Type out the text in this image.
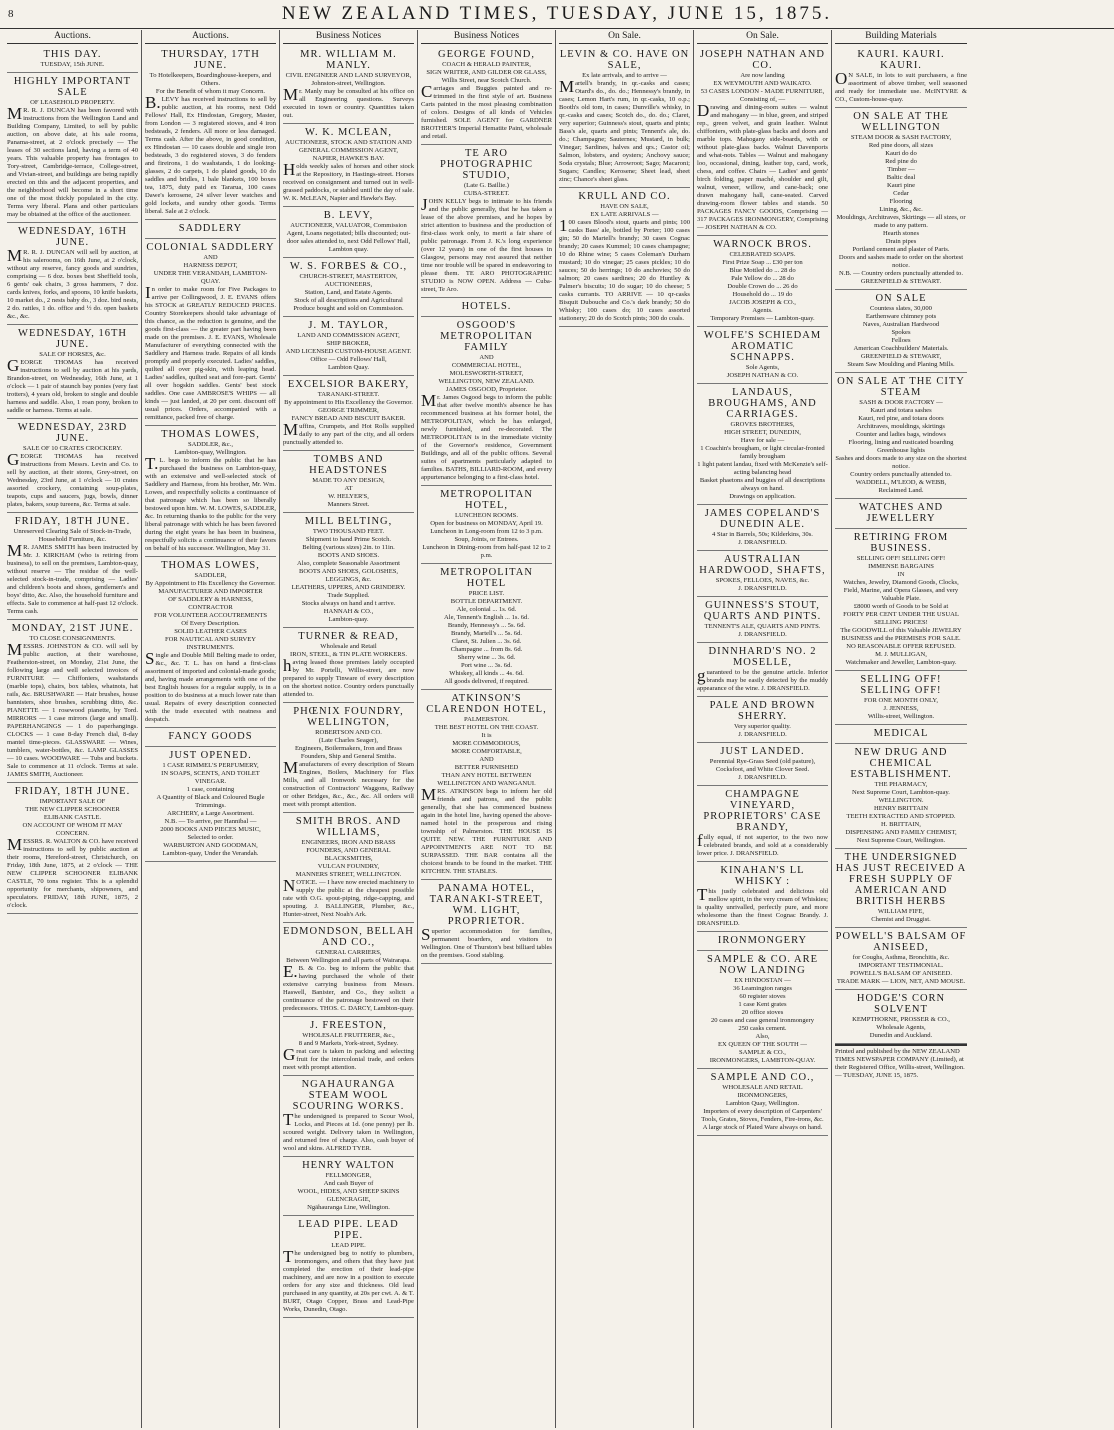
8	NEW ZEALAND TIMES, TUESDAY, JUNE 15, 1875.
Auctions.
THIS DAY.
TUESDAY, 15th JUNE.
HIGHLY IMPORTANT SALE
OF LEASEHOLD PROPERTY.
MR. R. J. DUNCAN has been favored with instructions from the Wellington Land and Building Company, Limited, to sell by public auction, on above date, at his sale rooms, Panama-street, at 2 o'clock precisely — The leases of 30 sections land, having a term of 40 years. This valuable property has frontages to Tory-street, Cambridge-terrace, College-street, and Vivian-street, and buildings are being rapidly erected on this and the adjacent properties, and the neighborhood will become in a short time one of the most thickly populated in the city. Terms very liberal. Plans and other particulars may be obtained at the office of the auctioneer.
WEDNESDAY, 16TH JUNE.
MR. R. J. DUNCAN will sell by auction, at his salerooms, on 16th June, at 2 o'clock, without any reserve, fancy goods and sundries, comprising — 6 doz. boxes best Sheffield tools, 6 gents' oak chairs, 3 gross hammers, 7 doz. cards knives, forks, and spoons, 10 knife baskets, 10 market do., 2 nests baby do., 3 doz. bird nests, 2 do. rattles, 1 do. office and ½ do. open baskets &c., &c.
WEDNESDAY, 16TH JUNE.
SALE OF HORSES, &c.
GEORGE THOMAS has received instructions to sell by auction at his yards, Brandon-street, on Wednesday, 16th June, at 1 o'clock — 1 pair of staunch bay ponies (very fast trotters), 4 years old, broken to single and double harness and saddle. Also, 1 roan pony, broken to saddle or harness. Terms at sale.
WEDNESDAY, 23RD JUNE.
SALE OF 10 CRATES CROCKERY.
GEORGE THOMAS has received instructions from Messrs. Levin and Co. to sell by auction, at their stores, Grey-street, on Wednesday, 23rd June, at 1 o'clock — 10 crates assorted crockery, containing soup-plates, teapots, cups and saucers, jugs, bowls, dinner plates, bakers, soup tureens, &c. Terms at sale.
FRIDAY, 18TH JUNE.
Unreserved Clearing Sale of Stock-in-Trade, Household Furniture, &c.
MR. JAMES SMITH has been instructed by Mr. J. KIRKHAM (who is retiring from business), to sell on the premises, Lambton-quay, without reserve — The residue of the well-selected stock-in-trade, comprising — Ladies' and children's boots and shoes, gentlemen's and boys' ditto, &c. Also, the household furniture and effects. Sale to commence at half-past 12 o'clock. Terms cash.
MONDAY, 21ST JUNE.
TO CLOSE CONSIGNMENTS.
MESSRS. JOHNSTON & CO. will sell by public auction, at their warehouse, Featherston-street, on Monday, 21st June, the following large and well selected invoices of FURNITURE — Chiffoniers, washstands (marble tops), chairs, box tables, whatnots, hat rails, &c. BRUSHWARE — Hair brushes, house bannisters, shoe brushes, scrubbing ditto, &c. PIANETTE — 1 rosewood pianette, by Tord. MIRRORS — 1 case mirrors (large and small). PAPERHANGINGS — 1 do paperhangings. CLOCKS — 1 case 8-day French dial, 8-day mantel time-pieces. GLASSWARE — Wines, tumblers, water-bottles, &c. LAMP GLASSES — 10 cases. WOODWARE — Tubs and buckets. Sale to commence at 11 o'clock. Terms at sale. JAMES SMITH, Auctioneer.
FRIDAY, 18TH JUNE.
IMPORTANT SALE OF
THE NEW CLIPPER SCHOONER
ELIBANK CASTLE.
ON ACCOUNT OF WHOM IT MAY CONCERN.
MESSRS. R. WALTON & CO. have received instructions to sell by public auction at their rooms, Hereford-street, Christchurch, on Friday, 18th June, 1875, at 2 o'clock — THE NEW CLIPPER SCHOONER ELIBANK CASTLE, 70 tons register. This is a splendid opportunity for merchants, shipowners, and speculators. FRIDAY, 18th JUNE, 1875, 2 o'clock.
Auctions.
THURSDAY, 17TH JUNE.
To Hotelkeepers, Boardinghouse-keepers, and Others.
For the Benefit of whom it may Concern.
B.LEVY has received instructions to sell by public auction, at his rooms, next Odd Fellows' Hall, Ex Hindostan, Gregory, Master, from London — 3 registered stoves, and 4 iron bedsteads, 2 fenders. All more or less damaged. Terms cash. After the above, in good condition, ex Hindostan — 10 cases double and single iron bedsteads, 3 do registered stoves, 3 do fenders and fireirons, 1 do washstands, 1 do looking-glasses, 2 do carpets, 1 do plated goods, 10 do saddles and bridles, 1 bale blankets, 100 boxes tea, 1875, duty paid ex Tararua, 100 cases Dawe's kerosene, 24 silver lever watches and gold lockets, and sundry other goods. Terms liberal. Sale at 2 o'clock.
SADDLERY
COLONIAL SADDLERY
AND
HARNESS DEPOT,
UNDER THE VERANDAH, LAMBTON-QUAY.
In order to make room for Five Packages to arrive per Collingwood, J. E. EVANS offers his STOCK at GREATLY REDUCED PRICES. Country Storekeepers should take advantage of this chance, as the reduction is genuine, and the goods first-class — the greater part having been made on the premises. J. E. EVANS, Wholesale Manufacturer of everything connected with the Saddlery and Harness trade. Repairs of all kinds promptly and properly executed. Ladies' saddles, quilted all over pig-skin, with leaping head. Ladies' saddles, quilted seat and fore-part. Gents' all over hogskin saddles. Gents' best stock saddles. One case AMBROSE'S WHIPS — all kinds — just landed, at 20 per cent. discount off usual prices. Orders, accompanied with a remittance, packed free of charge.
THOMAS LOWES,
SADDLER, &c.,
Lambton-quay, Wellington.
T.L. begs to inform the public that he has purchased the business on Lambton-quay, with an extensive and well-selected stock of Saddlery and Harness, from his brother, Mr. Wm. Lowes, and respectfully solicits a continuance of that patronage which has been so liberally bestowed upon him. W. M. LOWES, SADDLER, &c. In returning thanks to the public for the very liberal patronage with which he has been favored during the eight years he has been in business, respectfully solicits a continuance of their favors on behalf of his successor. Wellington, May 31.
THOMAS LOWES,
SADDLER,
By Appointment to His Excellency the Governor.
MANUFACTURER AND IMPORTER
OF SADDLERY & HARNESS,
CONTRACTOR
FOR VOLUNTEER ACCOUTREMENTS
Of Every Description.
SOLID LEATHER CASES
FOR NAUTICAL AND SURVEY
INSTRUMENTS.
Single and Double Mill Belting made to order, &c., &c. T. L. has on hand a first-class assortment of imported and colonial-made goods; and, having made arrangements with one of the best English houses for a regular supply, is in a position to do business at a much lower rate than usual. Repairs of every description connected with the trade executed with neatness and despatch.
FANCY GOODS
JUST OPENED.
1 CASE RIMMEL'S PERFUMERY,
IN SOAPS, SCENTS, AND TOILET VINEGAR.
1 case, containing
A Quantity of Black and Coloured Bugle Trimmings.
ARCHERY, a Large Assortment.
N.B. — To arrive, per Hannibal —
2000 BOOKS AND PIECES MUSIC,
Selected to order.
WARBURTON AND GOODMAN,
Lambton-quay, Under the Verandah.
Business Notices
MR. WILLIAM M. MANLY.
CIVIL ENGINEER AND LAND SURVEYOR,
Johnston-street, Wellington.
Mr. Manly may be consulted at his office on all Engineering questions. Surveys executed in town or country. Quantities taken out.
W. K. MCLEAN,
AUCTIONEER, STOCK AND STATION AND GENERAL COMMISSION AGENT,
NAPIER, HAWKE'S BAY.
Holds weekly sales of horses and other stock at the Repository, in Hastings-street. Horses received on consignment and turned out in well-grassed paddocks, or stabled until the day of sale. W. K. McLEAN, Napier and Hawke's Bay.
B. LEVY,
AUCTIONEER, VALUATOR, Commission Agent, Loans negotiated; bills discounted; out-door sales attended to, next Odd Fellows' Hall, Lambton quay.
W. S. FORBES & CO.,
CHURCH-STREET, MASTERTON,
AUCTIONEERS,
Station, Land, and Estate Agents.
Stock of all descriptions and Agricultural Produce bought and sold on Commission.
J. M. TAYLOR,
LAND AND COMMISSION AGENT,
SHIP BROKER,
AND LICENSED CUSTOM-HOUSE AGENT.
Office — Odd Fellows' Hall,
Lambton Quay.
EXCELSIOR BAKERY,
TARANAKI-STREET.
By appointment to His Excellency the Governor.
GEORGE TRIMMER,
FANCY BREAD AND BISCUIT BAKER.
Muffins, Crumpets, and Hot Rolls supplied daily to any part of the city, and all orders punctually attended to.
TOMBS AND HEADSTONES
MADE TO ANY DESIGN,
AT
W. HELYER'S,
Manners Street.
MILL BELTING,
TWO THOUSAND FEET.
Shipment to hand Prime Scotch.
Belting (various sizes) 2in. to 11in.
BOOTS AND SHOES.
Also, complete Seasonable Assortment
BOOTS AND SHOES, GOLOSHES, LEGGINGS, &c.
LEATHERS, UPPERS, AND GRINDERY.
Trade Supplied.
Stocks always on hand and t arrive.
HANNAH & CO.,
Lambton-quay.
TURNER & READ,
Wholesale and Retail
IRON, STEEL, & TIN PLATE WORKERS.
having leased those premises lately occupied by Mr. Portelli, Willis-street, are now prepared to supply Tinware of every description on the shortest notice. Country orders punctually attended to.
PHŒNIX FOUNDRY, WELLINGTON,
ROBERTSON AND CO.
(Late Charles Seager),
Engineers, Boilermakers, Iron and Brass Founders, Ship and General Smiths.
Manufacturers of every description of Steam Engines, Boilers, Machinery for Flax Mills, and all Ironwork necessary for the construction of Contractors' Waggons, Railway or other Bridges, &c., &c., &c. All orders will meet with prompt attention.
SMITH BROS. AND WILLIAMS,
ENGINEERS, IRON AND BRASS FOUNDERS, AND GENERAL BLACKSMITHS,
VULCAN FOUNDRY,
MANNERS STREET, WELLINGTON.
NOTICE. — I have now erected machinery to supply the public at the cheapest possible rate with O.G. spout-piping, ridge-capping, and spouting. J. BALLINGER, Plumber, &c., Hunter-street, Next Noah's Ark.
EDMONDSON, BELLAH AND CO.,
GENERAL CARRIERS,
Between Wellington and all parts of Wairarapa.
E.B. & Co. beg to inform the public that having purchased the whole of their extensive carrying business from Messrs. Haswell, Banister, and Co., they solicit a continuance of the patronage bestowed on their predecessors. THOS. C. DARCY, Lambton-quay.
J. FREESTON,
WHOLESALE FRUITERER, &c.,
8 and 9 Markets, York-street, Sydney.
Great care is taken in packing and selecting fruit for the intercolonial trade, and orders meet with prompt attention.
NGAHAURANGA STEAM WOOL SCOURING WORKS.
The undersigned is prepared to Scour Wool, Locks, and Pieces at 1d. (one penny) per lb. scoured weight. Delivery taken in Wellington, and returned free of charge. Also, cash buyer of wool and skins. ALFRED TYER.
HENRY WALTON
FELLMONGER,
And cash Buyer of
WOOL, HIDES, AND SHEEP SKINS
GLENCRAGIE,
Ngāhauranga Line, Wellington.
LEAD PIPE. LEAD PIPE.
LEAD PIPE.
The undersigned beg to notify to plumbers, ironmongers, and others that they have just completed the erection of their lead-pipe machinery, and are now in a position to execute orders for any size and thickness. Old lead purchased in any quantity, at 20s per cwt. A. & T. BURT, Otago Copper, Brass and Lead-Pipe Works, Dunedin, Otago.
Business Notices
GEORGE FOUND,
COACH & HERALD PAINTER,
SIGN WRITER, AND GILDER OR GLASS,
Willis Street, near Scotch Church.
Carriages and Buggies painted and re-trimmed in the first style of art. Business Carts painted in the most pleasing combination of colors. Designs of all kinds of Vehicles furnished. SOLE AGENT for GARDNER BROTHER'S Imperial Hematite Paint, wholesale and retail.
TE ARO PHOTOGRAPHIC STUDIO,
(Late G. Baillie.)
CUBA-STREET.
JOHN KELLY begs to intimate to his friends and the public generally, that he has taken a lease of the above premises, and he hopes by strict attention to business and the production of first-class work only, to merit a fair share of public patronage. From J. K.'s long experience (over 12 years) in one of the first houses in Glasgow, persons may rest assured that neither time nor trouble will be spared in endeavoring to please them. TE ARO PHOTOGRAPHIC STUDIO is NOW OPEN. Address — Cuba-street, Te Aro.
HOTELS.
OSGOOD'S METROPOLITAN FAMILY
AND
COMMERCIAL HOTEL,
MOLESWORTH-STREET,
WELLINGTON, NEW ZEALAND.
JAMES OSGOOD, Proprietor.
Mr. James Osgood begs to inform the public that after twelve month's absence he has recommenced business at his former hotel, the METROPOLITAN, which he has enlarged, newly furnished, and re-decorated. The METROPOLITAN is in the immediate vicinity of the Governor's residence, Government Buildings, and all of the public offices. Several suites of apartments particularly adapted to families. BATHS, BILLIARD-ROOM, and every appurtenance belonging to a first-class hotel.
METROPOLITAN HOTEL,
LUNCHEON ROOMS.
Open for business on MONDAY, April 19.
Luncheon in Long-room from 12 to 3 p.m.
Soup, Joints, or Entrees.
Luncheon in Dining-room from half-past 12 to 2 p.m.
METROPOLITAN HOTEL
PRICE LIST.
BOTTLE DEPARTMENT.
Ale, colonial ... 1s. 6d.
Ale, Tennent's English ... 1s. 6d.
Brandy, Hennessy's ... 5s. 6d.
Brandy, Martell's ... 5s. 6d.
Claret, St. Julien ... 3s. 6d.
Champagne ... from 8s. 6d.
Sherry wine ... 3s. 6d.
Port wine ... 3s. 6d.
Whiskey, all kinds ... 4s. 6d.
All goods delivered, if required.
ATKINSON'S CLARENDON HOTEL,
PALMERSTON.
THE BEST HOTEL ON THE COAST.
It is
MORE COMMODIOUS,
MORE COMFORTABLE,
AND
BETTER FURNISHED
THAN ANY HOTEL BETWEEN
WELLINGTON AND WANGANUI.
MRS. ATKINSON begs to inform her old friends and patrons, and the public generally, that she has commenced business again in the hotel line, having opened the above-named hotel in the prosperous and rising township of Palmerston. THE HOUSE IS QUITE NEW. THE FURNITURE AND APPOINTMENTS ARE NOT TO BE SURPASSED. THE BAR contains all the choicest brands to be found in the market. THE KITCHEN. THE STABLES.
PANAMA HOTEL, TARANAKI-STREET, WM. LIGHT, PROPRIETOR.
Superior accommodation for families, permanent boarders, and visitors to Wellington. One of Thurston's best billiard tables on the premises. Good stabling.
On Sale.
LEVIN & CO. HAVE ON SALE,
Ex late arrivals, and to arrive —
Martell's brandy, in qr.-casks and cases; Otard's do., do. do.; Hennessy's brandy, in cases; Lemon Hart's rum, in qr.-casks, 10 o.p.; Booth's old tom, in cases; Dunville's whisky, in qr.-casks and cases; Scotch do., do. do.; Claret, very superior; Guinness's stout, quarts and pints; Bass's ale, quarts and pints; Tennent's ale, do. do.; Champagne; Sauternes; Mustard, in bulk; Vinegar; Sardines, halves and qrs.; Castor oil; Salmon, lobsters, and oysters; Anchovy sauce; Soda crystals; Blue; Arrowroot; Sago; Macaroni; Sugars; Candles; Kerosene; Sheet lead, sheet zinc; Chance's sheet glass.
KRULL AND CO.
HAVE ON SALE,
EX LATE ARRIVALS —
100 cases Blood's stout, quarts and pints; 100 casks Bass' ale, bottled by Porter; 100 cases gin; 50 do Martell's brandy; 30 cases Cognac brandy; 20 cases Kummel; 10 cases champagne; 10 do Rhine wine; 5 cases Coleman's Durham mustard; 10 do vinegar; 25 cases pickles; 10 do sauces; 50 do herrings; 10 do anchovies; 50 do salmon; 20 cases sardines; 20 do Huntley & Palmer's biscuits; 10 do sugar; 10 do cheese; 5 casks currants. TO ARRIVE — 10 qr-casks Bisquit Dubouche and Co.'s dark brandy; 50 do Whisky; 100 cases do; 10 cases assorted stationery; 20 do do Scotch pints; 300 do coals.
On Sale.
JOSEPH NATHAN AND CO.
Are now landing
EX WEYMOUTH AND WAIKATO.
53 CASES LONDON - MADE FURNITURE,
Consisting of, —
Drawing and dining-room suites — walnut and mahogany — in blue, green, and striped rep., green velvet, and grain leather. Walnut chiffoniers, with plate-glass backs and doors and marble tops. Mahogany side-boards, with or without plate-glass backs. Walnut Davenports and what-nots. Tables — Walnut and mahogany loo, occasional, dining, leather top, card, work, chess, and coffee. Chairs — Ladies' and gents' birch folding, paper maché, shoulder and gilt, walnut, veneer, willow, and cane-back; one drawn mahogany hall, cane-seated. Carved drawing-room flower tables and stands. 50 PACKAGES FANCY GOODS, Comprising — 317 PACKAGES IRONMONGERY, Comprising — JOSEPH NATHAN & CO.
WARNOCK BROS.
CELEBRATED SOAPS.
First Prize Soap ... £30 per ton
Blue Mottled do ... 28 do
Pale Yellow do ... 28 do
Double Crown do ... 26 do
Household do ... 19 do
JACOB JOSEPH & CO.,
Agents.
Temporary Premises — Lambton-quay.
WOLFE'S SCHIEDAM AROMATIC SCHNAPPS.
Sole Agents,
JOSEPH NATHAN & CO.
LANDAUS, BROUGHAMS, AND CARRIAGES.
GROVES BROTHERS,
HIGH STREET, DUNEDIN,
Have for sale —
1 Coachin's brougham, or light circular-fronted family brougham
1 light patent landau, fixed with McKenzie's self-acting balancing head
Basket phaetons and buggies of all descriptions always on hand.
Drawings on application.
JAMES COPELAND'S DUNEDIN ALE.
4 Star in Barrels, 50s; Kilderkins, 30s.
J. DRANSFIELD.
AUSTRALIAN HARDWOOD, SHAFTS,
SPOKES, FELLOES, NAVES, &c.
J. DRANSFIELD.
GUINNESS'S STOUT, QUARTS AND PINTS.
TENNENT'S ALE, QUARTS AND PINTS.
J. DRANSFIELD.
DINNHARD'S NO. 2 MOSELLE,
guaranteed to be the genuine article. Inferior brands may be easily detected by the muddy appearance of the wine. J. DRANSFIELD.
PALE AND BROWN SHERRY.
Very superior quality.
J. DRANSFIELD.
JUST LANDED.
Perennial Rye-Grass Seed (old pasture), Cocksfoot, and White Clover Seed.
J. DRANSFIELD.
CHAMPAGNE VINEYARD, PROPRIETORS' CASE BRANDY,
fully equal, if not superior, to the two now celebrated brands, and sold at a considerably lower price. J. DRANSFIELD.
KINAHAN'S LL WHISKY :
This justly celebrated and delicious old mellow spirit, in the very cream of Whiskies; is quality unrivalled, perfectly pure, and more wholesome than the finest Cognac Brandy. J. DRANSFIELD.
IRONMONGERY
SAMPLE & CO. ARE NOW LANDING
EX HINDOSTAN —
36 Leamington ranges
60 register stoves
1 case Kent grates
20 office stoves
20 cases and case general ironmongery
250 casks cement.
Also,
EX QUEEN OF THE SOUTH —
SAMPLE & CO.,
IRONMONGERS, LAMBTON-QUAY.
SAMPLE AND CO.,
WHOLESALE AND RETAIL
IRONMONGERS,
Lambton Quay, Wellington.
Importers of every description of Carpenters' Tools, Grates, Stoves, Fenders, Fire-irons, &c.
A large stock of Plated Ware always on hand.
Building Materials
KAURI. KAURI. KAURI.
ON SALE, in lots to suit purchasers, a fine assortment of above timber, well seasoned and ready for immediate use. McINTYRE & CO., Custom-house-quay.
ON SALE AT THE WELLINGTON
STEAM DOOR & SASH FACTORY,
Red pine doors, all sizes
Kauri do do
Red pine do
Timber —
Baltic deal
Kauri pine
Cedar
Flooring
Lining, &c., &c.
Mouldings, Architraves, Skirtings — all sizes, or made to any pattern.
Hearth stones
Drain pipes
Portland cement and plaster of Paris.
Doors and sashes made to order on the shortest notice.
N.B. — Country orders punctually attended to.
GREENFIELD & STEWART.
ON SALE
Countess slates, 30,000
Earthenware chimney pots
Naves, Australian Hardwood
Spokes
Felloes
American Coachbuilders' Materials.
GREENFIELD & STEWART,
Steam Saw Moulding and Planing Mills.
ON SALE AT THE CITY STEAM
SASH & DOOR FACTORY —
Kauri and totara sashes
Kauri, red pine, and totara doors
Architraves, mouldings, skirtings
Counter and ladies bags, windows
Flooring, lining and rusticated boarding
Greenhouse lights
Sashes and doors made to any size on the shortest notice.
Country orders punctually attended to.
WADDELL, M'LEOD, & WEBB,
Reclaimed Land.
WATCHES AND JEWELLERY
RETIRING FROM BUSINESS.
SELLING OFF! SELLING OFF!
IMMENSE BARGAINS
IN
Watches, Jewelry, Diamond Goods, Clocks, Field, Marine, and Opera Glasses, and very Valuable Plate.
£8000 worth of Goods to be Sold at
FORTY PER CENT UNDER THE USUAL SELLING PRICES!
The GOODWILL of this Valuable JEWELRY BUSINESS and the PREMISES FOR SALE.
NO REASONABLE OFFER REFUSED.
M. J. MULLIGAN,
Watchmaker and Jeweller, Lambton-quay.
SELLING OFF! SELLING OFF!
FOR ONE MONTH ONLY,
J. JENNESS,
Willis-street, Wellington.
MEDICAL
NEW DRUG AND CHEMICAL ESTABLISHMENT.
THE PHARMACY,
Next Supreme Court, Lambton-quay.
WELLINGTON.
HENRY BRITTAIN
TEETH EXTRACTED AND STOPPED.
H. BRITTAIN,
DISPENSING AND FAMILY CHEMIST,
Next Supreme Court, Wellington.
THE UNDERSIGNED HAS JUST RECEIVED A FRESH SUPPLY OF AMERICAN AND BRITISH HERBS
WILLIAM FIFE,
Chemist and Druggist.
POWELL'S BALSAM OF ANISEED,
for Coughs, Asthma, Bronchitis, &c.
IMPORTANT TESTIMONIAL.
POWELL'S BALSAM OF ANISEED.
TRADE MARK — LION, NET, AND MOUSE.
HODGE'S CORN SOLVENT
KEMPTHORNE, PROSSER & CO.,
Wholesale Agents,
Dunedin and Auckland.
Printed and published by the NEW ZEALAND TIMES NEWSPAPER COMPANY (Limited), at their Registered Office, Willis-street, Wellington. — TUESDAY, JUNE 15, 1875.
